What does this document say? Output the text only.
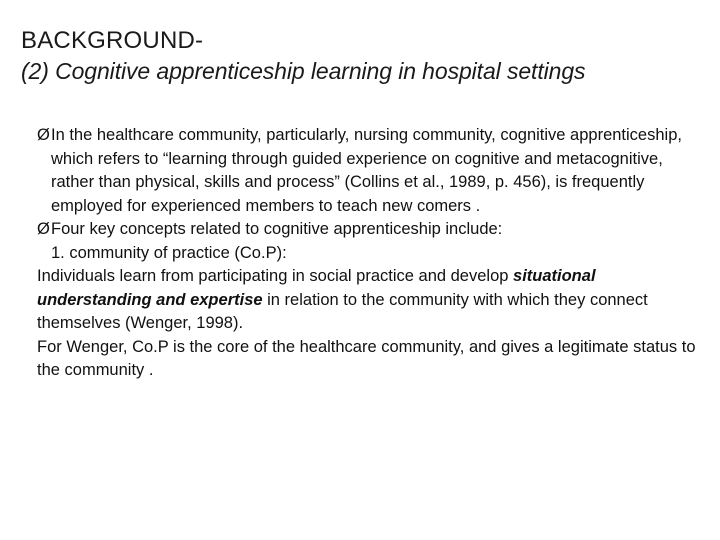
BACKGROUND-
(2) Cognitive apprenticeship learning in hospital settings
Ø In the healthcare community, particularly, nursing community, cognitive apprenticeship, which refers to “learning through guided experience on cognitive and metacognitive, rather than physical, skills and process” (Collins et al., 1989, p. 456), is frequently employed for experienced members to teach new comers .
Ø Four key concepts related to cognitive apprenticeship include:
1. community of practice (Co.P):
Individuals learn from participating in social practice and develop situational understanding and expertise in relation to the community with which they connect themselves (Wenger, 1998).
For Wenger, Co.P is the core of the healthcare community, and gives a legitimate status to the community .
